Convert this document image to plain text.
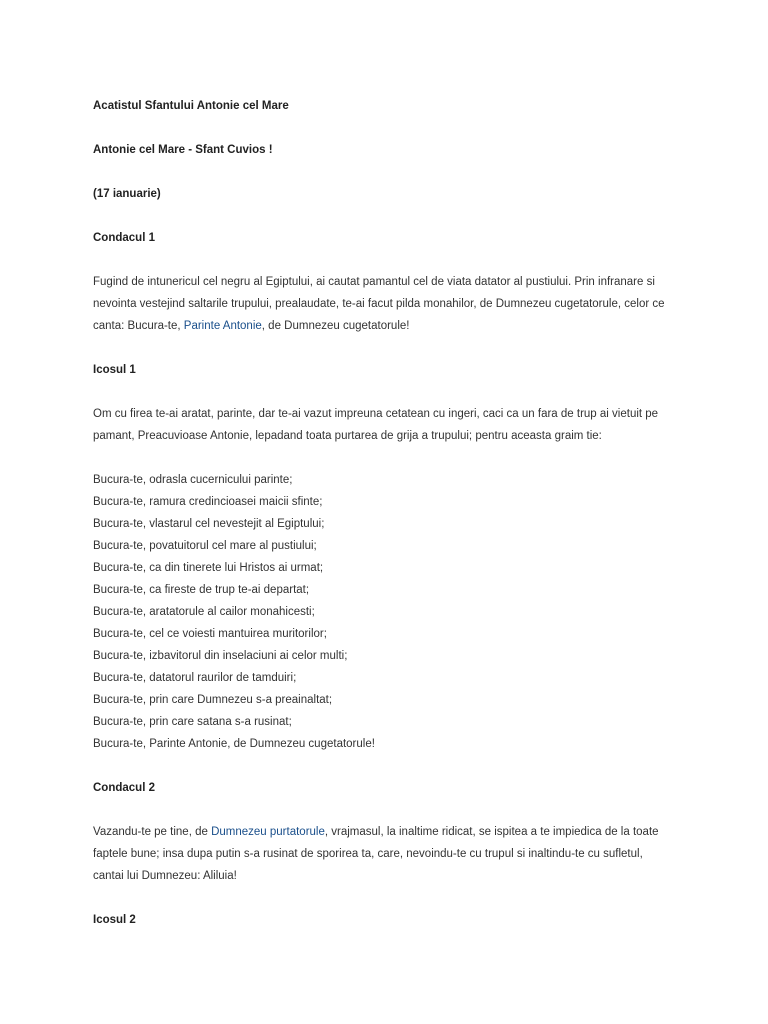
Acatistul Sfantului Antonie cel Mare

Antonie cel Mare - Sfant Cuvios !

(17 ianuarie)

Condacul 1

Fugind de intunericul cel negru al Egiptului, ai cautat pamantul cel de viata datator al pustiului. Prin infranare si
nevointa vestejind saltarile trupului, prealaudate, te-ai facut pilda monahilor, de Dumnezeu cugetatorule, celor ce
canta: Bucura-te, Parinte Antonie, de Dumnezeu cugetatorule!

Icosul 1

Om cu firea te-ai aratat, parinte, dar te-ai vazut impreuna cetatean cu ingeri, caci ca un fara de trup ai vietuit pe
pamant, Preacuvioase Antonie, lepadand toata purtarea de grija a trupului; pentru aceasta graim tie:
Bucura-te, odrasla cucernicului parinte;
Bucura-te, ramura credincioasei maicii sfinte;
Bucura-te, vlastarul cel nevestejit al Egiptului;
Bucura-te, povatuitorul cel mare al pustiului;
Bucura-te, ca din tinerete lui Hristos ai urmat;
Bucura-te, ca fireste de trup te-ai departat;
Bucura-te, aratatorule al cailor monahicesti;
Bucura-te, cel ce voiesti mantuirea muritorilor;
Bucura-te, izbavitorul din inselaciuni ai celor multi;
Bucura-te, datatorul raurilor de tamduiri;
Bucura-te, prin care Dumnezeu s-a preainaltat;
Bucura-te, prin care satana s-a rusinat;
Bucura-te, Parinte Antonie, de Dumnezeu cugetatorule!

Condacul 2

Vazandu-te pe tine, de Dumnezeu purtatorule, vrajmasul, la inaltime ridicat, se ispitea a te impiedica de la toate
faptele bune; insa dupa putin s-a rusinat de sporirea ta, care, nevoindu-te cu trupul si inaltindu-te cu sufletul,
cantai lui Dumnezeu: Aliluia!

Icosul 2
